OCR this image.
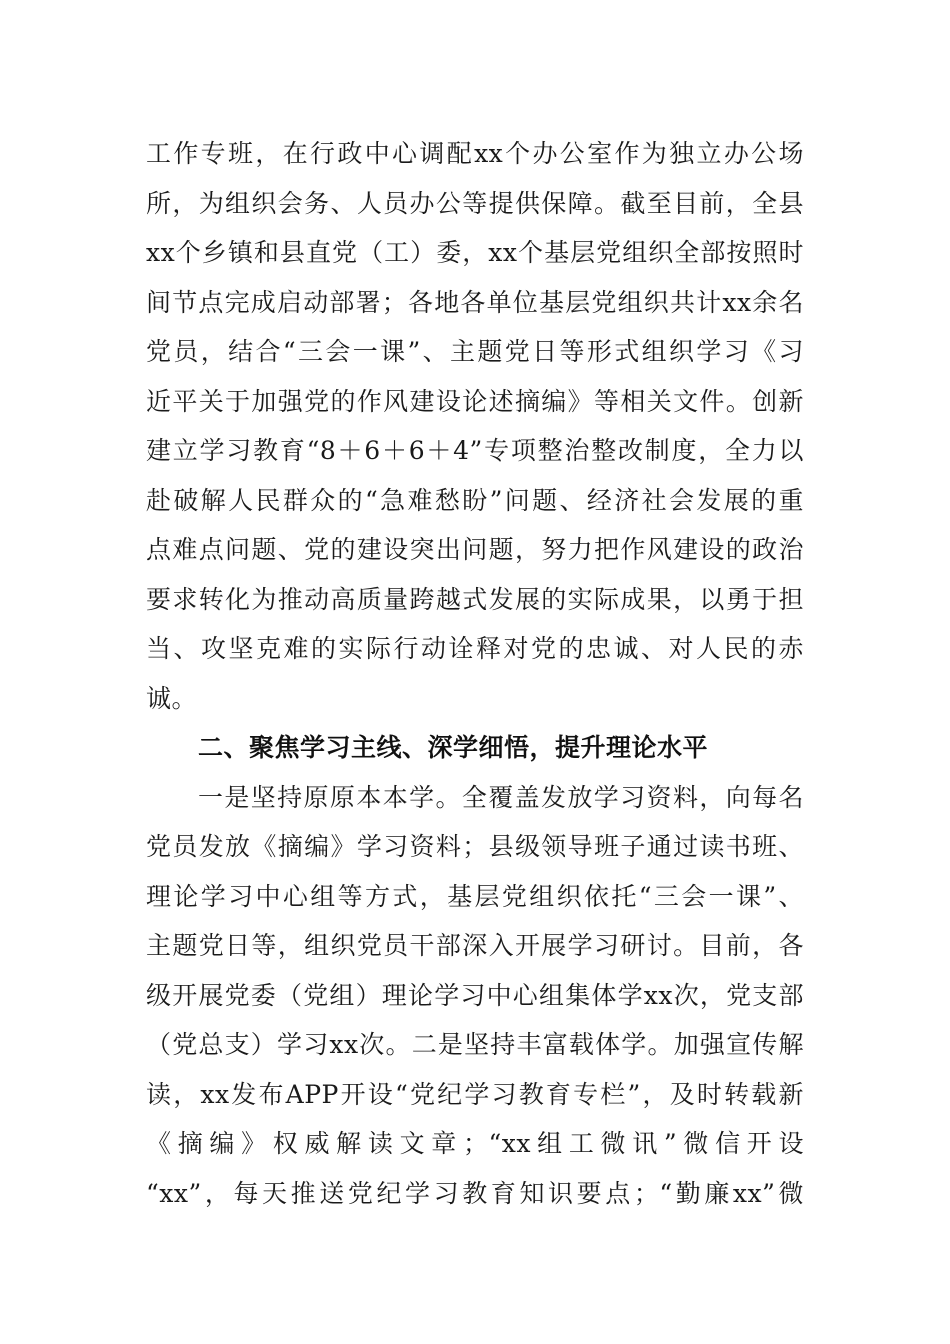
工作专班，在行政中心调配xx个办公室作为独立办公场
所，为组织会务、人员办公等提供保障。截至目前，全县
xx个乡镇和县直党（工）委，xx个基层党组织全部按照时
间节点完成启动部署；各地各单位基层党组织共计xx余名
党员，结合“三会一课”、主题党日等形式组织学习《习
近平关于加强党的作风建设论述摘编》等相关文件。创新
建立学习教育“8＋6＋6＋4”专项整治整改制度，全力以
赴破解人民群众的“急难愁盼”问题、经济社会发展的重
点难点问题、党的建设突出问题，努力把作风建设的政治
要求转化为推动高质量跨越式发展的实际成果，以勇于担
当、攻坚克难的实际行动诠释对党的忠诚、对人民的赤
诚。
二、聚焦学习主线、深学细悟，提升理论水平
一是坚持原原本本学。全覆盖发放学习资料，向每名
党员发放《摘编》学习资料；县级领导班子通过读书班、
理论学习中心组等方式，基层党组织依托“三会一课”、
主题党日等，组织党员干部深入开展学习研讨。目前，各
级开展党委（党组）理论学习中心组集体学xx次，党支部
（党总支）学习xx次。二是坚持丰富载体学。加强宣传解
读，xx发布APP开设“党纪学习教育专栏”，及时转载新
《摘编》权威解读文章；“xx组工微讯”微信开设
“xx”，每天推送党纪学习教育知识要点；“勤廉xx”微
